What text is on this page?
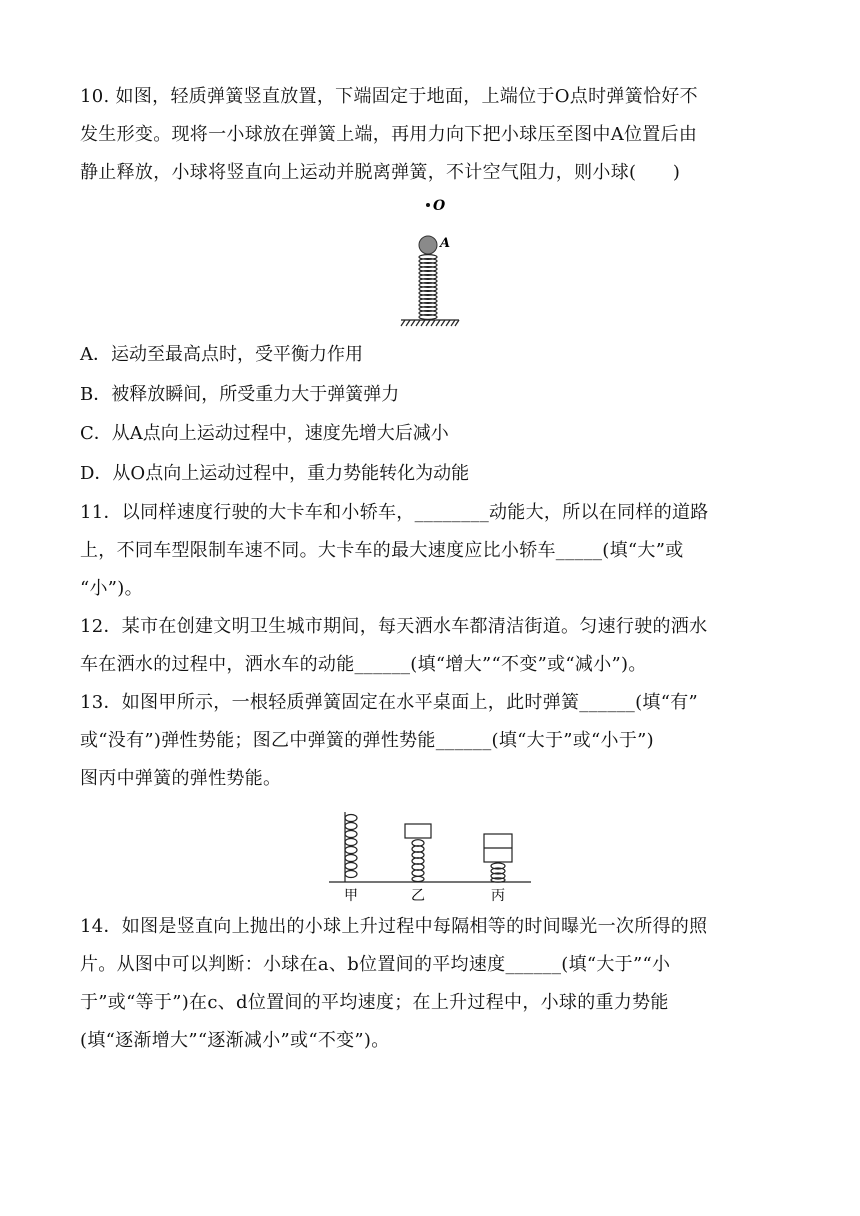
10. 如图，轻质弹簧竖直放置，下端固定于地面，上端位于O点时弹簧恰好不
发生形变。现将一小球放在弹簧上端，再用力向下把小球压至图中A位置后由
静止释放，小球将竖直向上运动并脱离弹簧，不计空气阻力，则小球(　　)
O
A
A．运动至最高点时，受平衡力作用
B．被释放瞬间，所受重力大于弹簧弹力
C．从A点向上运动过程中，速度先增大后减小
D．从O点向上运动过程中，重力势能转化为动能
11．以同样速度行驶的大卡车和小轿车，________动能大，所以在同样的道路
上，不同车型限制车速不同。大卡车的最大速度应比小轿车_____(填“大”或
“小”)。
12．某市在创建文明卫生城市期间，每天洒水车都清洁街道。匀速行驶的洒水
车在洒水的过程中，洒水车的动能______(填“增大”“不变”或“减小”)。
13．如图甲所示，一根轻质弹簧固定在水平桌面上，此时弹簧______(填“有”
或“没有”)弹性势能；图乙中弹簧的弹性势能______(填“大于”或“小于”)
图丙中弹簧的弹性势能。
甲	乙	丙
14．如图是竖直向上抛出的小球上升过程中每隔相等的时间曝光一次所得的照
片。从图中可以判断：小球在a、b位置间的平均速度______(填“大于”“小
于”或“等于”)在c、d位置间的平均速度；在上升过程中，小球的重力势能
(填“逐渐增大”“逐渐减小”或“不变”)。
